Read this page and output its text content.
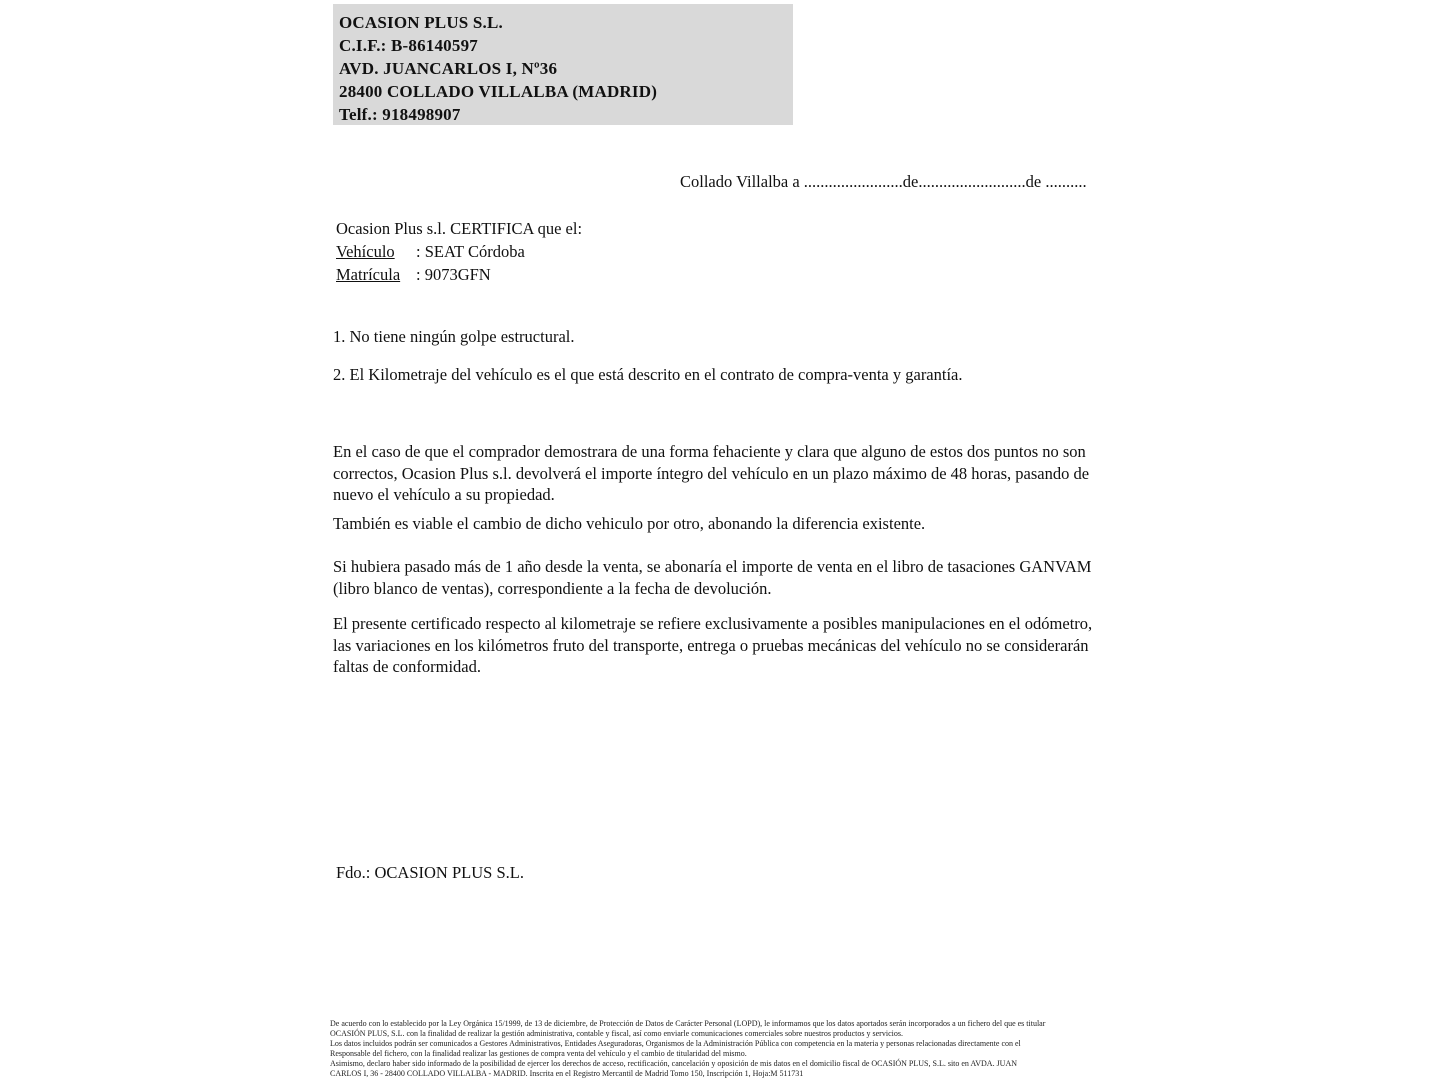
OCASION PLUS S.L.
C.I.F.: B-86140597
AVD. JUANCARLOS I, Nº36
28400 COLLADO VILLALBA (MADRID)
Telf.: 918498907
Collado Villalba a ........................de..........................de ..........
Ocasion Plus s.l. CERTIFICA que el:
Vehículo : SEAT Córdoba
Matrícula : 9073GFN
1. No tiene ningún golpe estructural.
2. El Kilometraje del vehículo es el que está descrito en el contrato de compra-venta y garantía.
En el caso de que el comprador demostrara de una forma fehaciente y clara que alguno de estos dos puntos no son correctos, Ocasion Plus s.l. devolverá el importe íntegro del vehículo en un plazo máximo de 48 horas, pasando de nuevo el vehículo a su propiedad.
También es viable el cambio de dicho vehiculo por otro, abonando la diferencia existente.
Si hubiera pasado más de 1 año desde la venta, se abonaría el importe de venta en el libro de tasaciones GANVAM (libro blanco de ventas), correspondiente a la fecha de devolución.
El presente certificado respecto al kilometraje se refiere exclusivamente a posibles manipulaciones en el odómetro, las variaciones en los kilómetros fruto del transporte, entrega o pruebas mecánicas del vehículo no se considerarán faltas de conformidad.
Fdo.: OCASION PLUS S.L.
De acuerdo con lo establecido por la Ley Orgánica 15/1999, de 13 de diciembre, de Protección de Datos de Carácter Personal (LOPD), le informamos que los datos aportados serán incorporados a un fichero del que es titular
OCASIÓN PLUS, S.L. con la finalidad de realizar la gestión administrativa, contable y fiscal, así como enviarle comunicaciones comerciales sobre nuestros productos y servicios.
Los datos incluidos podrán ser comunicados a Gestores Administrativos, Entidades Aseguradoras, Organismos de la Administración Pública con competencia en la materia y personas relacionadas directamente con el
Responsable del fichero, con la finalidad realizar las gestiones de compra venta del vehículo y el cambio de titularidad del mismo.
Asimismo, declaro haber sido informado de la posibilidad de ejercer los derechos de acceso, rectificación, cancelación y oposición de mis datos en el domicilio fiscal de OCASIÓN PLUS, S.L. sito en AVDA. JUAN
CARLOS I, 36 - 28400 COLLADO VILLALBA - MADRID. Inscrita en el Registro Mercantil de Madrid Tomo 150, Inscripción 1, Hoja:M 511731
